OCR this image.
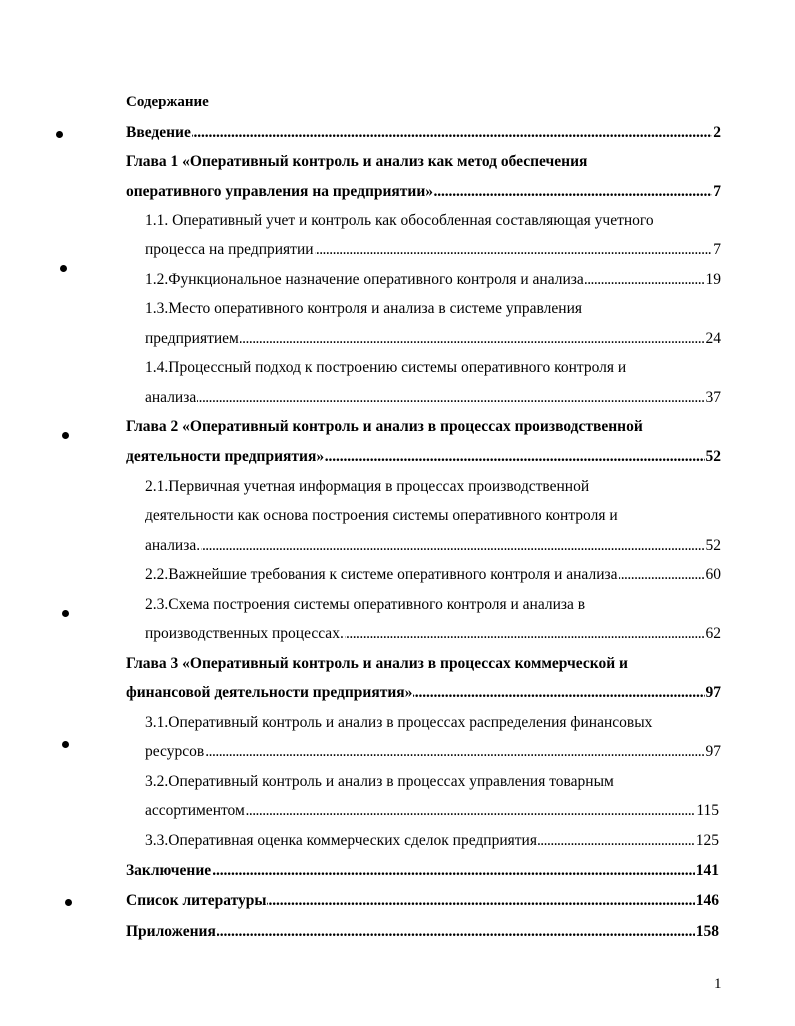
Содержание
. . . Введение	2
Глава 1 «Оперативный контроль и анализ как метод обеспечения
. . . оперативного управления на предприятии»	7
1.1. Оперативный учет и контроль как обособленная составляющая учетного
. . . процесса на предприятии	7
. . . 1.2.Функциональное назначение оперативного контроля и анализа	19
1.3.Место оперативного контроля и анализа в системе управления
. . . предприятием	24
1.4.Процессный подход к построению системы оперативного контроля и
. . . анализа	37
Глава 2 «Оперативный контроль и анализ в процессах производственной
. . . деятельности предприятия»	52
2.1.Первичная учетная информация в процессах производственной
деятельности как основа построения системы оперативного контроля и
. . . анализа.	52
. . . 2.2.Важнейшие требования к системе оперативного контроля и анализа	60
2.3.Схема построения системы оперативного контроля и анализа в
. . . производственных процессах.	62
Глава 3 «Оперативный контроль и анализ в процессах коммерческой и
. . . финансовой деятельности предприятия»	97
3.1.Оперативный контроль и анализ в процессах распределения финансовых
. . . ресурсов	97
3.2.Оперативный контроль и анализ в процессах управления товарным
. . . ассортиментом	115
. . . 3.3.Оперативная оценка коммерческих сделок предприятия	125
. . . Заключение	141
. . . Список литературы	146
. . . Приложения	158
1
